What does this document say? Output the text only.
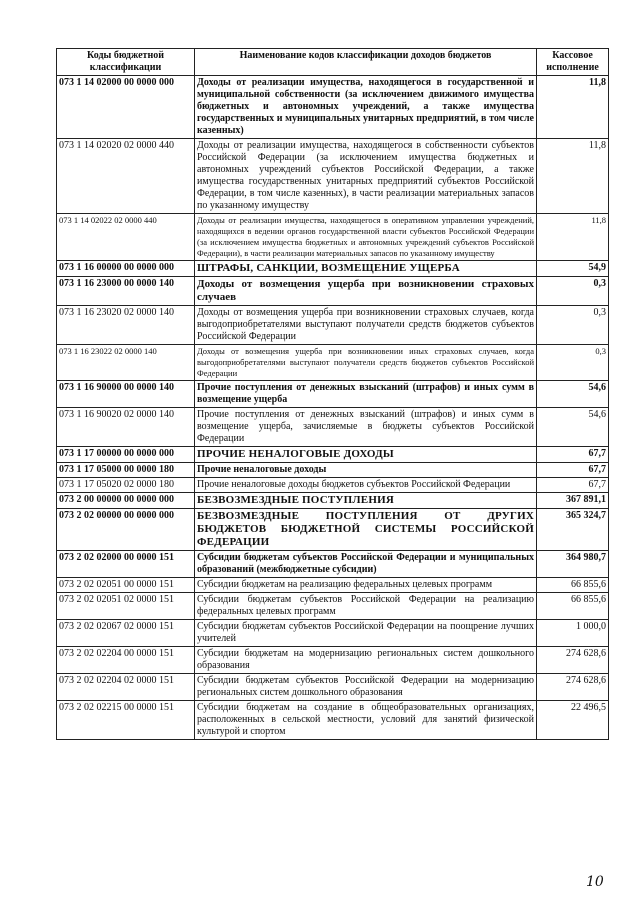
Коды бюджетной классификации	Наименование кодов классификации доходов бюджетов	Кассовое исполнение
073 1 14 02000 00 0000 000	Доходы от реализации имущества, находящегося в государственной и муниципальной собственности (за исключением движимого имущества бюджетных и автономных учреждений, а также имущества государственных и муниципальных унитарных предприятий, в том числе казенных)	11,8
073 1 14 02020 02 0000 440	Доходы от реализации имущества, находящегося в собственности субъектов Российской Федерации (за исключением имущества бюджетных и автономных учреждений субъектов Российской Федерации, а также имущества государственных унитарных предприятий субъектов Российской Федерации, в том числе казенных), в части реализации материальных запасов по указанному имуществу	11,8
073 1 14 02022 02 0000 440	Доходы от реализации имущества, находящегося в оперативном управлении учреждений, находящихся в ведении органов государственной власти субъектов Российской Федерации (за исключением имущества бюджетных и автономных учреждений субъектов Российской Федерации), в части реализации материальных запасов по указанному имуществу	11,8
073 1 16 00000 00 0000 000	ШТРАФЫ, САНКЦИИ, ВОЗМЕЩЕНИЕ УЩЕРБА	54,9
073 1 16 23000 00 0000 140	Доходы от возмещения ущерба при возникновении страховых случаев	0,3
073 1 16 23020 02 0000 140	Доходы от возмещения ущерба при возникновении страховых случаев, когда выгодоприобретателями выступают получатели средств бюджетов субъектов Российской Федерации	0,3
073 1 16 23022 02 0000 140	Доходы от возмещения ущерба при возникновении иных страховых случаев, когда выгодоприобретателями выступают получатели средств бюджетов субъектов Российской Федерации	0,3
073 1 16 90000 00 0000 140	Прочие поступления от денежных взысканий (штрафов) и иных сумм в возмещение ущерба	54,6
073 1 16 90020 02 0000 140	Прочие поступления от денежных взысканий (штрафов) и иных сумм в возмещение ущерба, зачисляемые в бюджеты субъектов Российской Федерации	54,6
073 1 17 00000 00 0000 000	ПРОЧИЕ НЕНАЛОГОВЫЕ ДОХОДЫ	67,7
073 1 17 05000 00 0000 180	Прочие неналоговые доходы	67,7
073 1 17 05020 02 0000 180	Прочие неналоговые доходы бюджетов субъектов Российской Федерации	67,7
073 2 00 00000 00 0000 000	БЕЗВОЗМЕЗДНЫЕ ПОСТУПЛЕНИЯ	367 891,1
073 2 02 00000 00 0000 000	БЕЗВОЗМЕЗДНЫЕ ПОСТУПЛЕНИЯ ОТ ДРУГИХ БЮДЖЕТОВ БЮДЖЕТНОЙ СИСТЕМЫ РОССИЙСКОЙ ФЕДЕРАЦИИ	365 324,7
073 2 02 02000 00 0000 151	Субсидии бюджетам субъектов Российской Федерации и муниципальных образований (межбюджетные субсидии)	364 980,7
073 2 02 02051 00 0000 151	Субсидии бюджетам на реализацию федеральных целевых программ	66 855,6
073 2 02 02051 02 0000 151	Субсидии бюджетам субъектов Российской Федерации на реализацию федеральных целевых программ	66 855,6
073 2 02 02067 02 0000 151	Субсидии бюджетам субъектов Российской Федерации на поощрение лучших учителей	1 000,0
073 2 02 02204 00 0000 151	Субсидии бюджетам на модернизацию региональных систем дошкольного образования	274 628,6
073 2 02 02204 02 0000 151	Субсидии бюджетам субъектов Российской Федерации на модернизацию региональных систем дошкольного образования	274 628,6
073 2 02 02215 00 0000 151	Субсидии бюджетам на создание в общеобразовательных организациях, расположенных в сельской местности, условий для занятий физической культурой и спортом	22 496,5
10
